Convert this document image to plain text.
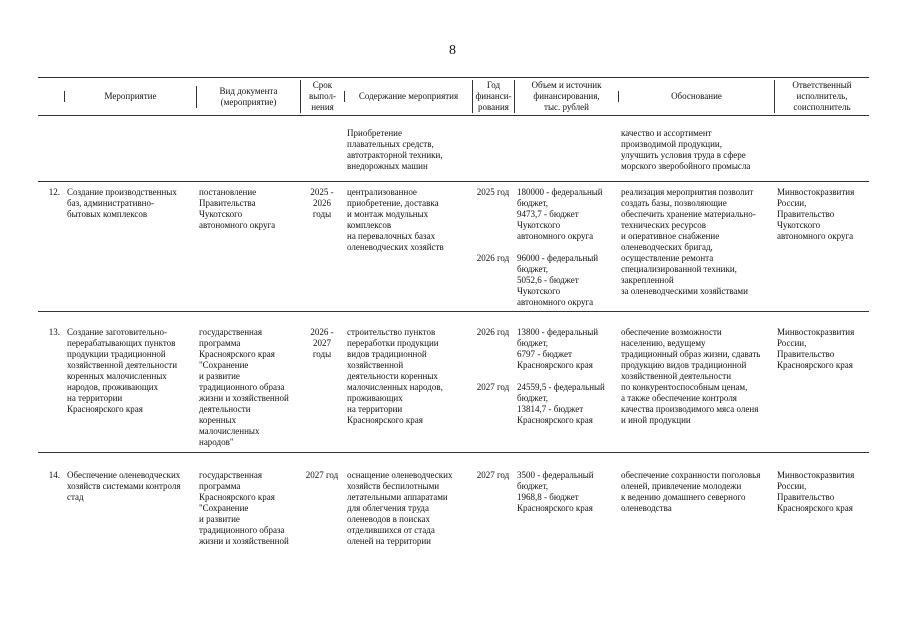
8
Мероприятие
Вид документа
(мероприятие)
Срок
выпол-
нения
Содержание мероприятия
Год
финанси-
рования
Объем и источник
финансирования,
тыс. рублей
Обоснование
Ответственный
исполнитель,
соисполнитель
Приобретение
плавательных средств,
автотракторной техники,
внедорожных машин
качество и ассортимент
производимой продукции,
улучшить условия труда в сфере
морского зверобойного промысла
12. Создание производственных
баз, административно-
бытовых комплексов
постановление
Правительства
Чукотского
автономного округа
2025 -
2026
годы
централизованное
приобретение, доставка
и монтаж модульных
комплексов
на перевалочных базах
оленеводческих хозяйств

2025 год

2026 год

180000 - федеральный
бюджет,
9473,7 - бюджет
Чукотского
автономного округа

96000 - федеральный
бюджет,
5052,6 - бюджет
Чукотского
автономного округа

реализация мероприятия позволит
создать базы, позволяющие
обеспечить хранение материально-
технических ресурсов
и оперативное снабжение
оленеводческих бригад,
осуществление ремонта
специализированной техники,
закрепленной
за оленеводческими хозяйствами
Минвостокразвития
России,
Правительство
Чукотского
автономного округа
13. Создание заготовительно-
перерабатывающих пунктов
продукции традиционной
хозяйственной деятельности
коренных малочисленных
народов, проживающих
на территории
Красноярского края
государственная
программа
Красноярского края
"Сохранение
и развитие
традиционного образа
жизни и хозяйственной
деятельности
коренных
малочисленных
народов"
2026 -
2027
годы
строительство пунктов
переработки продукции
видов традиционной
хозяйственной
деятельности коренных
малочисленных народов,
проживающих
на территории
Красноярского края

2026 год

2027 год

13800 - федеральный
бюджет,
6797 - бюджет
Красноярского края

24559,5 - федеральный
бюджет,
13814,7 - бюджет
Красноярского края

обеспечение возможности
населению, ведущему
традиционный образ жизни, сдавать
продукцию видов традиционной
хозяйственной деятельности
по конкурентоспособным ценам,
а также обеспечение контроля
качества производимого мяса оленя
и иной продукции
Минвостокразвития
России,
Правительство
Красноярского края
14. Обеспечение оленеводческих
хозяйств системами контроля
стад
государственная
программа
Красноярского края
"Сохранение
и развитие
традиционного образа
жизни и хозяйственной
2027 год оснащение оленеводческих
хозяйств беспилотными
летательными аппаратами
для облегчения труда
оленеводов в поисках
отделившихся от стада
оленей на территории

2027 год 3500 - федеральный
бюджет,
1968,8 - бюджет
Красноярского края

обеспечение сохранности поголовья
оленей, привлечение молодежи
к ведению домашнего северного
оленеводства
Минвостокразвития
России,
Правительство
Красноярского края
